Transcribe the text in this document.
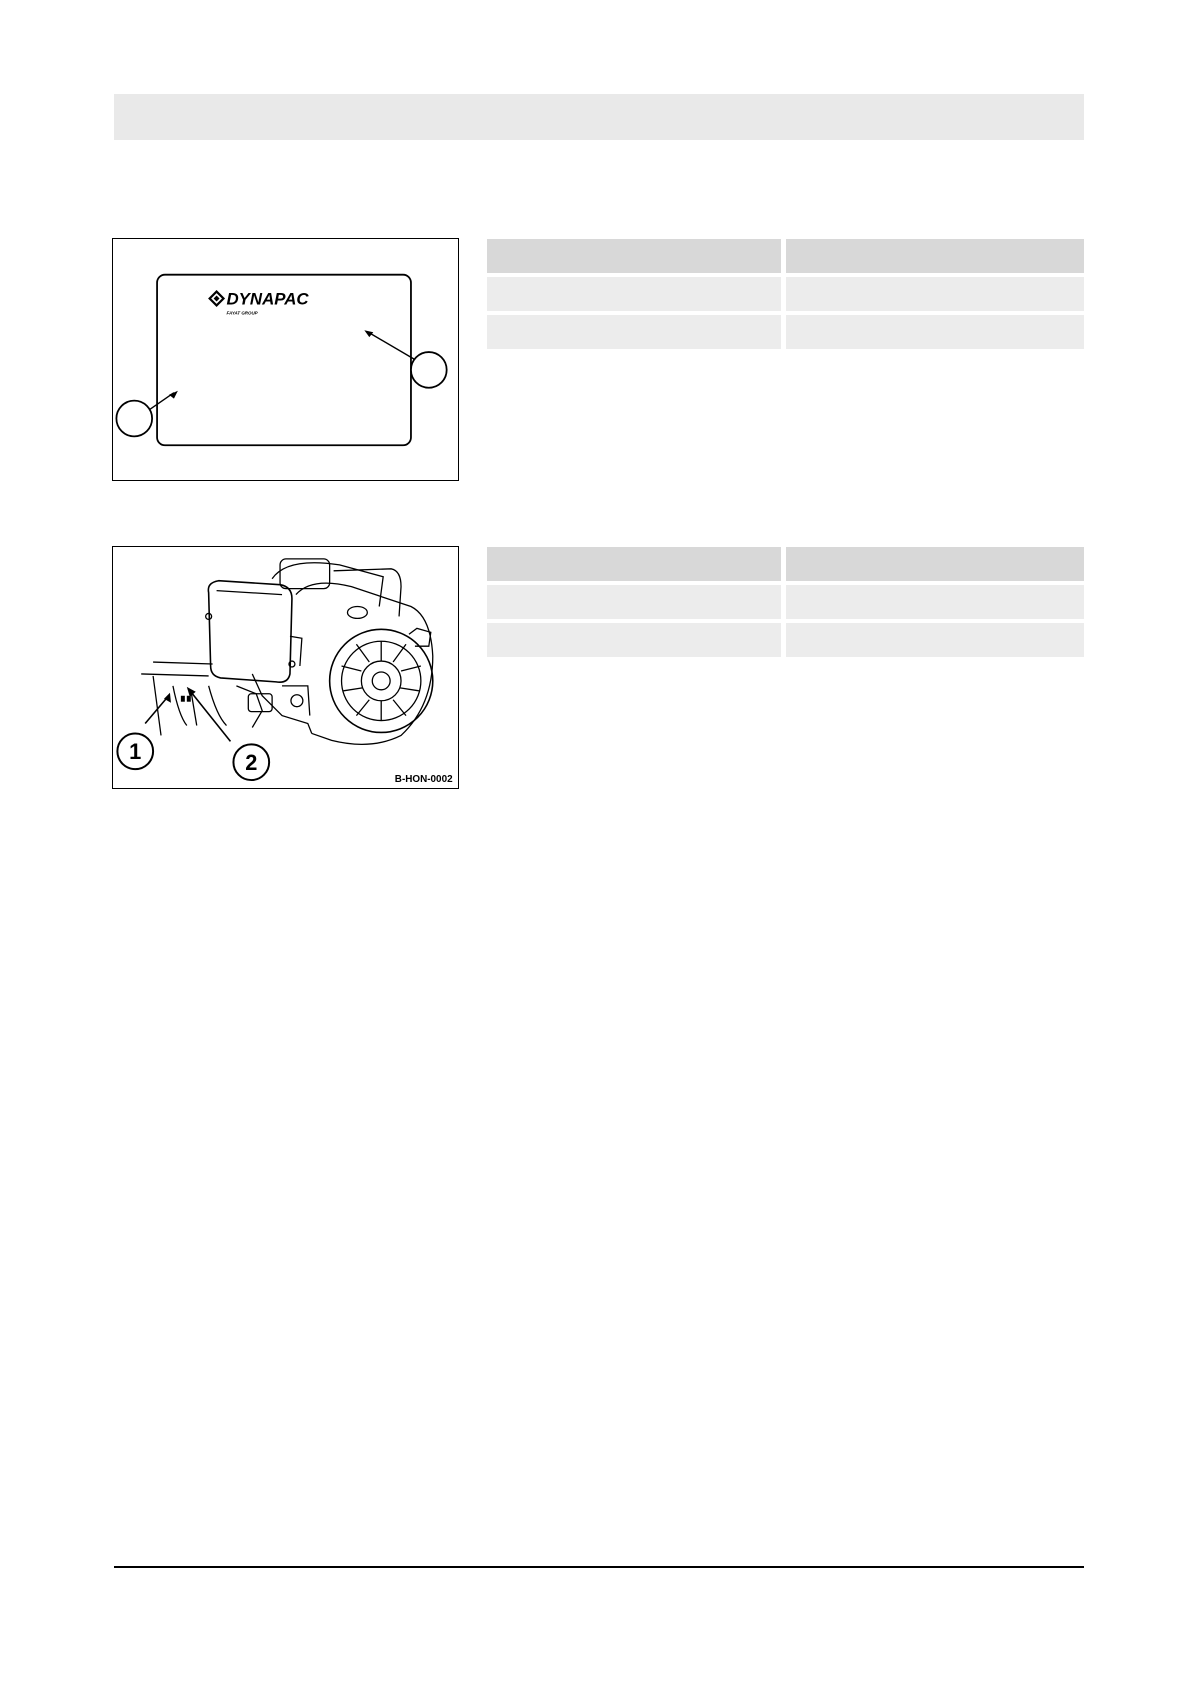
DYNAPAC
FAYAT GROUP

1	2
B-HON-0002
